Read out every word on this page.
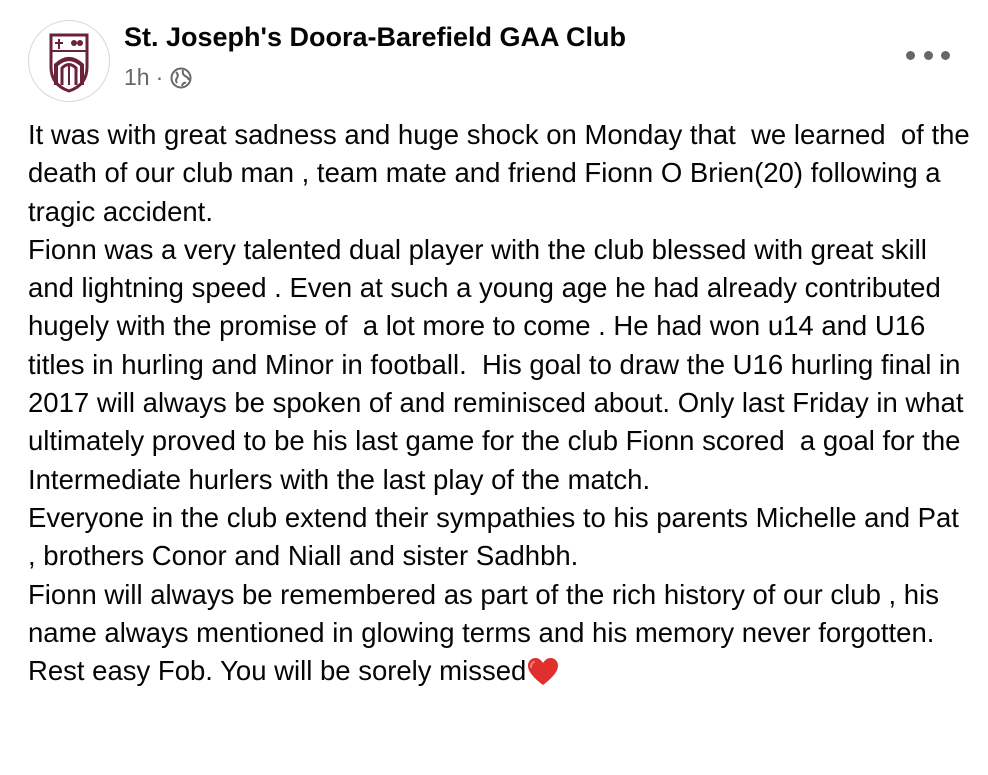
St. Joseph's Doora-Barefield GAA Club
1h ·

It was with great sadness and huge shock on Monday that  we learned  of the death of our club man , team mate and friend Fionn O Brien(20) following a tragic accident.

Fionn was a very talented dual player with the club blessed with great skill and lightning speed . Even at such a young age he had already contributed hugely with the promise of  a lot more to come . He had won u14 and U16 titles in hurling and Minor in football.  His goal to draw the U16 hurling final in 2017 will always be spoken of and reminisced about. Only last Friday in what ultimately proved to be his last game for the club Fionn scored  a goal for the Intermediate hurlers with the last play of the match.

Everyone in the club extend their sympathies to his parents Michelle and Pat , brothers Conor and Niall and sister Sadhbh.

Fionn will always be remembered as part of the rich history of our club , his name always mentioned in glowing terms and his memory never forgotten.

Rest easy Fob. You will be sorely missed
